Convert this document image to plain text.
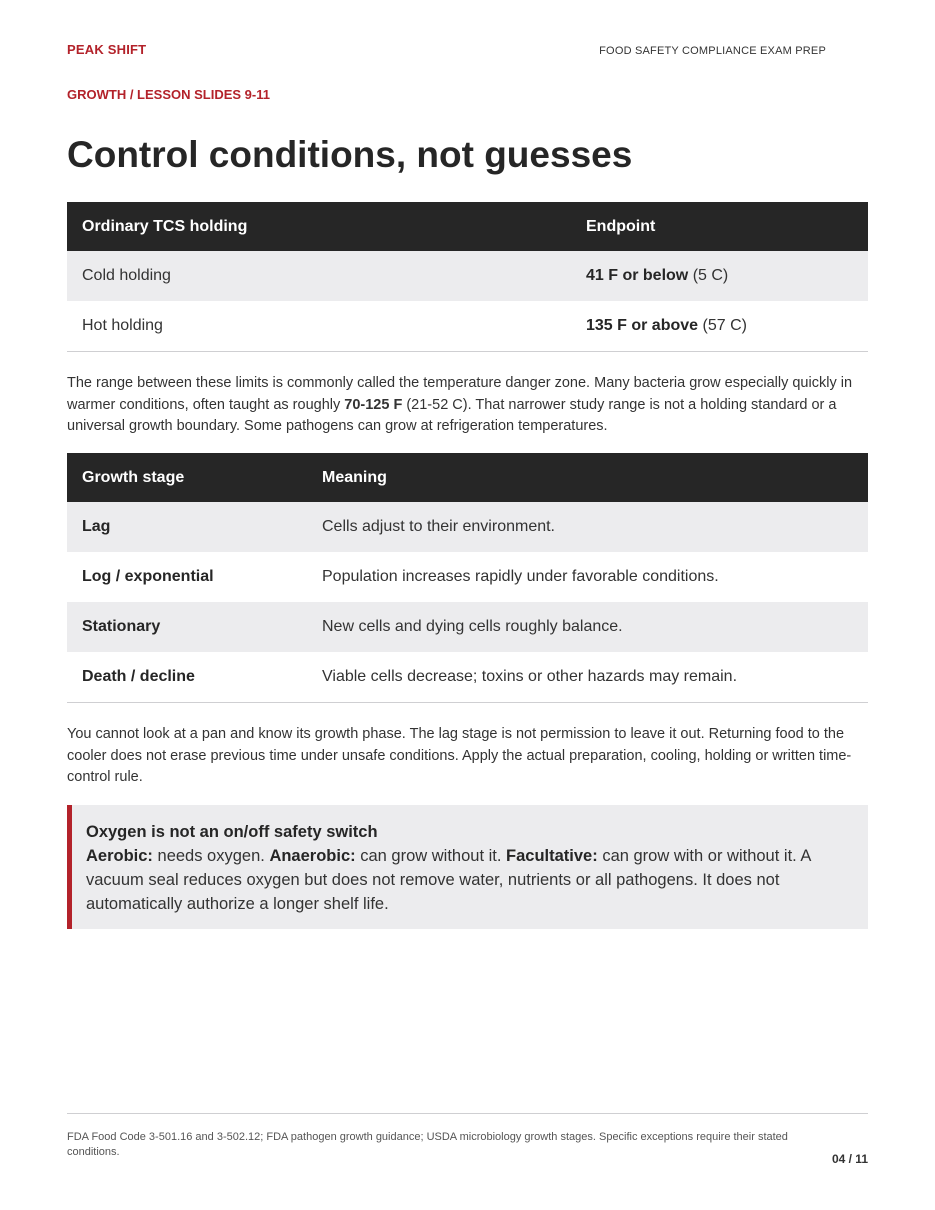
PEAK SHIFT	FOOD SAFETY COMPLIANCE EXAM PREP
GROWTH / LESSON SLIDES 9-11
Control conditions, not guesses
Ordinary TCS holding	Endpoint
Cold holding	41 F or below (5 C)
Hot holding	135 F or above (57 C)

The range between these limits is commonly called the temperature danger zone. Many bacteria grow especially quickly in warmer conditions, often taught as roughly 70-125 F (21-52 C). That narrower study range is not a holding standard or a universal growth boundary. Some pathogens can grow at refrigeration temperatures.

Growth stage	Meaning
Lag	Cells adjust to their environment.
Log / exponential	Population increases rapidly under favorable conditions.
Stationary	New cells and dying cells roughly balance.
Death / decline	Viable cells decrease; toxins or other hazards may remain.

You cannot look at a pan and know its growth phase. The lag stage is not permission to leave it out. Returning food to the cooler does not erase previous time under unsafe conditions. Apply the actual preparation, cooling, holding or written time-control rule.

Oxygen is not an on/off safety switch
Aerobic: needs oxygen. Anaerobic: can grow without it. Facultative: can grow with or without it. A vacuum seal reduces oxygen but does not remove water, nutrients or all pathogens. It does not automatically authorize a longer shelf life.
FDA Food Code 3-501.16 and 3-502.12; FDA pathogen growth guidance; USDA microbiology growth stages. Specific exceptions require their stated conditions.
04 / 11
